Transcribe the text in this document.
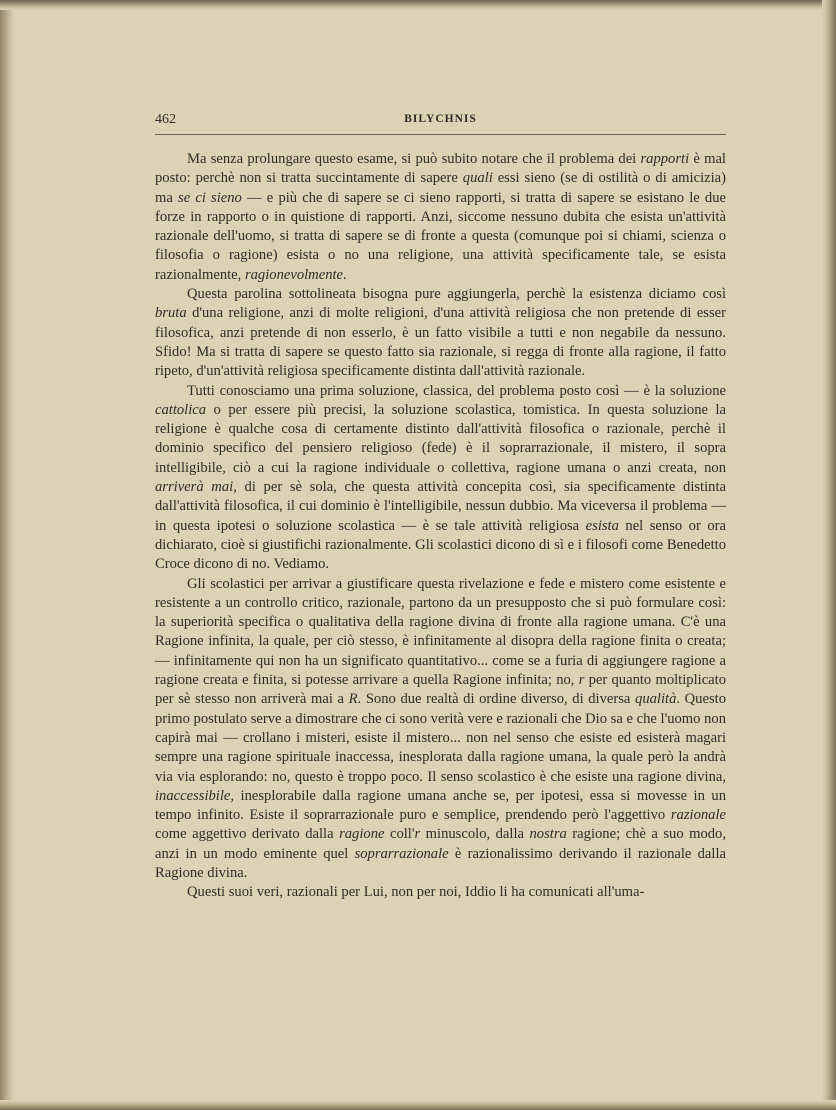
462	BILYCHNIS

Ma senza prolungare questo esame, si può subito notare che il problema dei rapporti è mal posto: perchè non si tratta succintamente di sapere quali essi sieno (se di ostilità o di amicizia) ma se ci sieno — e più che di sapere se ci sieno rapporti, si tratta di sapere se esistano le due forze in rapporto o in quistione di rapporti. Anzi, siccome nessuno dubita che esista un'attività razionale dell'uomo, si tratta di sapere se di fronte a questa (comunque poi si chiami, scienza o filosofia o ragione) esista o no una religione, una attività specificamente tale, se esista razionalmente, ragionevolmente.

Questa parolina sottolineata bisogna pure aggiungerla, perchè la esistenza diciamo così bruta d'una religione, anzi di molte religioni, d'una attività religiosa che non pretende di esser filosofica, anzi pretende di non esserlo, è un fatto visibile a tutti e non negabile da nessuno. Sfido! Ma si tratta di sapere se questo fatto sia razionale, si regga di fronte alla ragione, il fatto ripeto, d'un'attività religiosa specificamente distinta dall'attività razionale.

Tutti conosciamo una prima soluzione, classica, del problema posto così — è la soluzione cattolica o per essere più precisi, la soluzione scolastica, tomistica. In questa soluzione la religione è qualche cosa di certamente distinto dall'attività filosofica o razionale, perchè il dominio specifico del pensiero religioso (fede) è il soprarrazionale, il mistero, il sopra intelligibile, ciò a cui la ragione individuale o collettiva, ragione umana o anzi creata, non arriverà mai, di per sè sola, che questa attività concepita così, sia specificamente distinta dall'attività filosofica, il cui dominio è l'intelligibile, nessun dubbio. Ma viceversa il problema — in questa ipotesi o soluzione scolastica — è se tale attività religiosa esista nel senso or ora dichiarato, cioè si giustifichi razionalmente. Gli scolastici dicono di sì e i filosofi come Benedetto Croce dicono di no. Vediamo.

Gli scolastici per arrivar a giustificare questa rivelazione e fede e mistero come esistente e resistente a un controllo critico, razionale, partono da un presupposto che si può formulare così: la superiorità specifica o qualitativa della ragione divina di fronte alla ragione umana. C'è una Ragione infinita, la quale, per ciò stesso, è infinitamente al disopra della ragione finita o creata; — infinitamente qui non ha un significato quantitativo... come se a furia di aggiungere ragione a ragione creata e finita, si potesse arrivare a quella Ragione infinita; no, r per quanto moltiplicato per sè stesso non arriverà mai a R. Sono due realtà di ordine diverso, di diversa qualità. Questo primo postulato serve a dimostrare che ci sono verità vere e razionali che Dio sa e che l'uomo non capirà mai — crollano i misteri, esiste il mistero... non nel senso che esiste ed esisterà magari sempre una ragione spirituale inaccessa, inesplorata dalla ragione umana, la quale però la andrà via via esplorando: no, questo è troppo poco. Il senso scolastico è che esiste una ragione divina, inaccessibile, inesplorabile dalla ragione umana anche se, per ipotesi, essa si movesse in un tempo infinito. Esiste il soprarrazionale puro e semplice, prendendo però l'aggettivo razionale come aggettivo derivato dalla ragione coll'r minuscolo, dalla nostra ragione; chè a suo modo, anzi in un modo eminente quel soprarrazionale è razionalissimo derivando il razionale dalla Ragione divina.

Questi suoi veri, razionali per Lui, non per noi, Iddio li ha comunicati all'uma-
